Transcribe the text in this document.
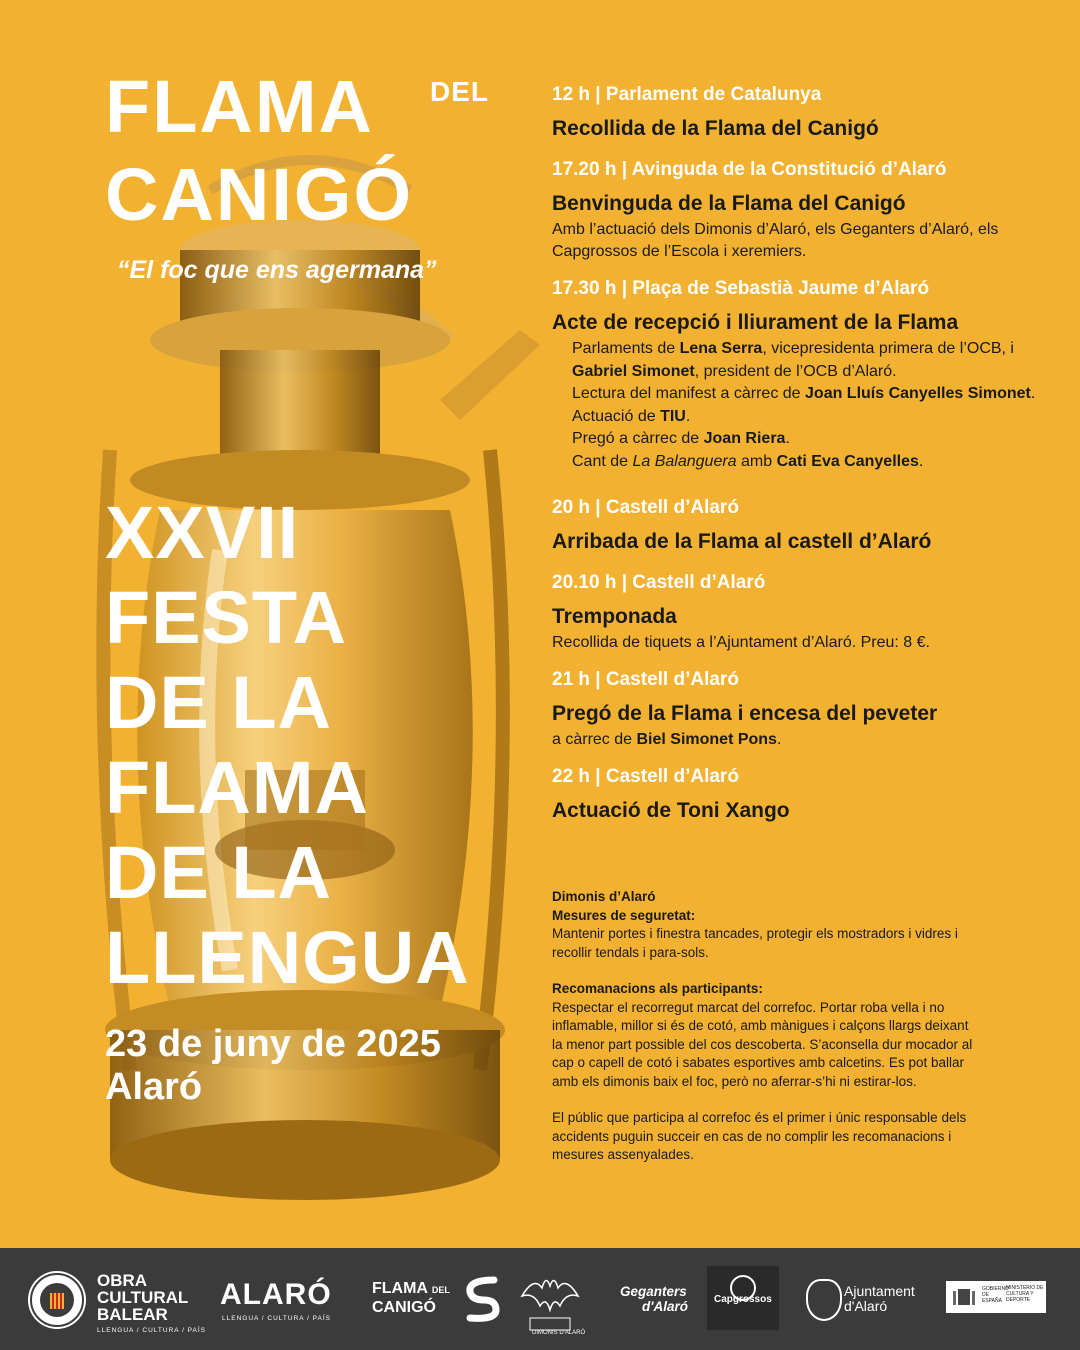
FLAMA DEL
CANIGÓ
“El foc que ens agermana”
XXVII
FESTA
DE LA
FLAMA
DE LA
LLENGUA
23 de juny de 2025
Alaró
12 h | Parlament de Catalunya
Recollida de la Flama del Canigó
17.20 h | Avinguda de la Constitució d’Alaró
Benvinguda de la Flama del Canigó
Amb l’actuació dels Dimonis d’Alaró, els Geganters d’Alaró, els Capgrossos de l’Escola i xeremiers.
17.30 h | Plaça de Sebastià Jaume d’Alaró
Acte de recepció i lliurament de la Flama
Parlaments de Lena Serra, vicepresidenta primera de l’OCB, i Gabriel Simonet, president de l’OCB d’Alaró.
Lectura del manifest a càrrec de Joan Lluís Canyelles Simonet.
Actuació de TIU.
Pregó a càrrec de Joan Riera.
Cant de La Balanguera amb Cati Eva Canyelles.
20 h | Castell d’Alaró
Arribada de la Flama al castell d’Alaró
20.10 h | Castell d’Alaró
Tremponada
Recollida de tiquets a l’Ajuntament d’Alaró. Preu: 8 €.
21 h | Castell d’Alaró
Pregó de la Flama i encesa del peveter
a càrrec de Biel Simonet Pons.
22 h | Castell d’Alaró
Actuació de Toni Xango
Dimonis d’Alaró
Mesures de seguretat:
Mantenir portes i finestra tancades, protegir els mostradors i vidres i recollir tendals i para-sols.
Recomanacions als participants:
Respectar el recorregut marcat del correfoc. Portar roba vella i no inflamable, millor si és de cotó, amb mànigues i calçons llargs deixant la menor part possible del cos descoberta. S’aconsella dur mocador al cap o capell de cotó i sabates esportives amb calcetins. Es pot ballar amb els dimonis baix el foc, però no aferrar-s’hi ni estirar-los.
El públic que participa al correfoc és el primer i únic responsable dels accidents puguin succeir en cas de no complir les recomanacions i mesures assenyalades.
OBRA
CULTURAL
BALEAR
LLENGUA / CULTURA / PAÍS
ALARÓ
LLENGUA / CULTURA / PAÍS
FLAMA DEL
CANIGÓ
DIMONIS D'ALARÓ
Geganters
d'Alaró	Capgrossos
Ajuntament
d'Alaró
GOBIERNO DE ESPAÑA
MINISTERIO DE CULTURA Y DEPORTE
